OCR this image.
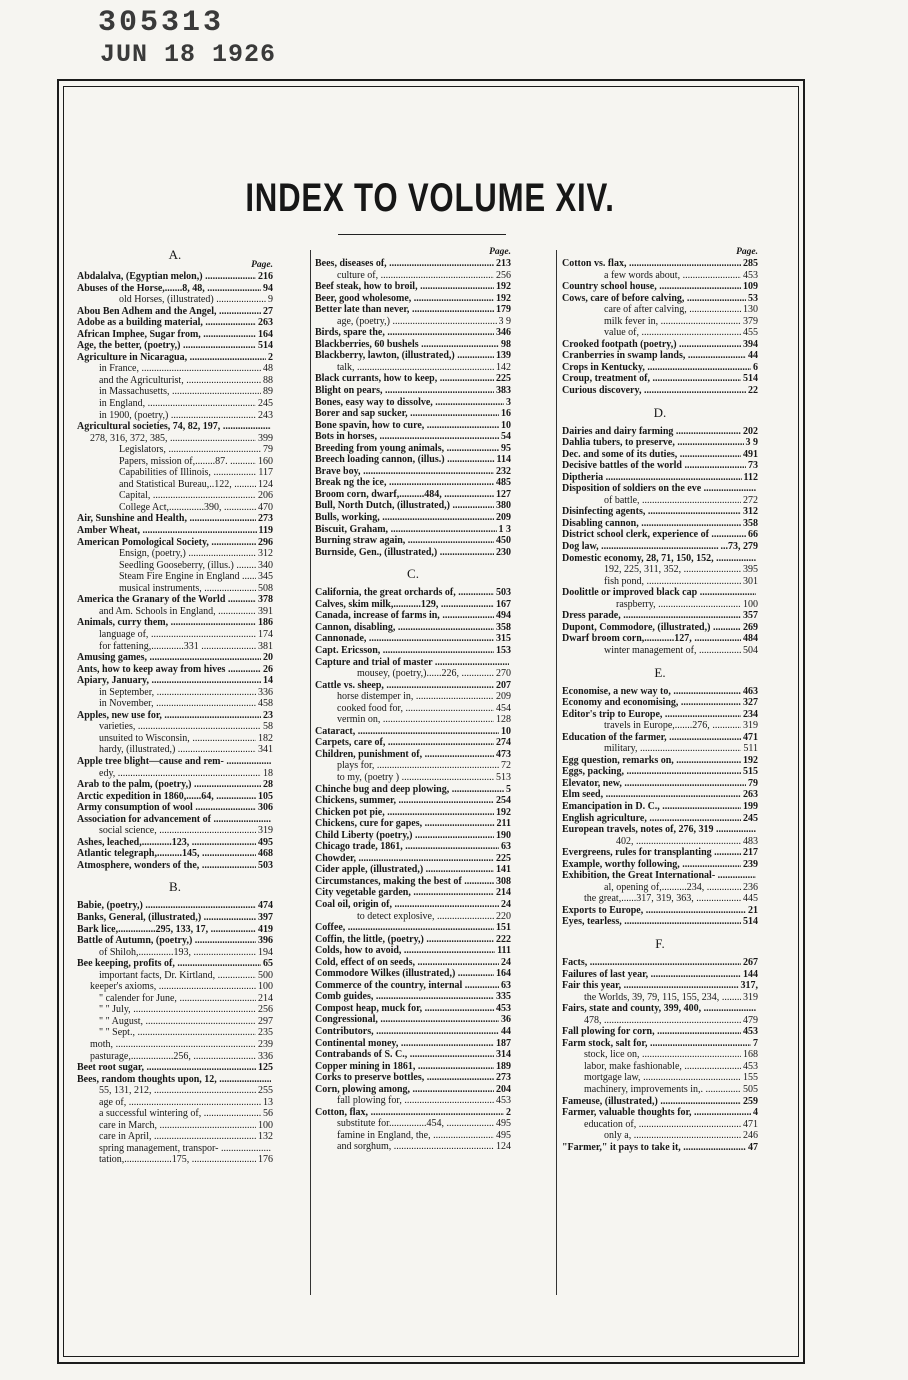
305313
JUN 18 1926
INDEX TO VOLUME XIV.
A.
Page.
Abdalalva, (Egyptian melon,) .....	216
Abuses of the Horse,.......8, 48, .....	94
old Horses, (illustrated) .....	9
Abou Ben Adhem and the Angel, .....	27
Adobe as a building material, .....	263
African Imphee, Sugar from, .....	164
Age, the better, (poetry,) .....	514
Agriculture in Nicaragua, .....	2
in France, .....	48
and the Agriculturist, .....	88
in Massachusetts, .....	89
in England, .....	245
in 1900, (poetry,) .....	243
Agricultural societies, 74, 82, 197, .....
278, 316, 372, 385, .....	399
Legislators, .....	79
Papers, mission of,........87. .....	160
Capabilities of Illinois, .....	117
and Statistical Bureau,..122, .....	124
Capital, .....	206
College Act,..............390, .....	470
Air, Sunshine and Health, .....	273
Amber Wheat, .....	119
American Pomological Society, .....	296
Ensign, (poetry,) .....	312
Seedling Gooseberry, (illus.) .....	340
Steam Fire Engine in England .....	345
musical instruments, .....	508
America the Granary of the World .....	378
and Am. Schools in England, .....	391
Animals, curry them, .....	186
language of, .....	174
for fattening,.............331 .....	381
Amusing games, .....	20
Ants, how to keep away from hives .....	26
Apiary, January, .....	14
in September, .....	336
in November, .....	458
Apples, new use for, .....	23
varieties, .....	58
unsuited to Wisconsin, .....	182
hardy, (illustrated,) .....	341
Apple tree blight—cause and rem- .....
edy, .....	18
Arab to the palm, (poetry,) .....	28
Arctic expedition in 1860,......64, .....	105
Army consumption of wool .....	306
Association for advancement of .....
social science, .....	319
Ashes, leached,............123, .....	495
Atlantic telegraph,..........145, .....	468
Atmosphere, wonders of the, .....	503
B.
Babie, (poetry,) .....	474
Banks, General, (illustrated,) .....	397
Bark lice,...............295, 133, 17, .....	419
Battle of Autumn, (poetry,) .....	396
of Shiloh,..............193, .....	194
Bee keeping, profits of, .....	65
important facts, Dr. Kirtland, .....	500
keeper's axioms, .....	100
" calender for June, .....	214
" " July, .....	256
" " August, .....	297
" " Sept., .....	235
moth, .....	239
pasturage,.................256, .....	336
Beet root sugar, .....	125
Bees, random thoughts upon, 12, .....
55, 131, 212, .....	255
age of, .....	13
a successful wintering of, .....	56
care in March, .....	100
care in April, .....	132
spring management, transpor- .....
tation,...................175, .....	176
Page.
Bees, diseases of, .....	213
culture of, .....	256
Beef steak, how to broil, .....	192
Beer, good wholesome, .....	192
Better late than never, .....	179
age, (poetry,) .....	3 9
Birds, spare the, .....	346
Blackberries, 60 bushels .....	98
Blackberry, lawton, (illustrated,) .....	139
talk, .....	142
Black currants, how to keep, .....	225
Blight on pears, .....	383
Bones, easy way to dissolve, .....	3
Borer and sap sucker, .....	16
Bone spavin, how to cure, .....	10
Bots in horses, .....	54
Breeding from young animals, .....	95
Breech loading cannon, (illus.) .....	114
Brave boy, .....	232
Break ng the ice, .....	485
Broom corn, dwarf,..........484, .....	127
Bull, North Dutch, (illustrated,) .....	380
Bulls, working, .....	209
Biscuit, Graham, .....	1 3
Burning straw again, .....	450
Burnside, Gen., (illustrated,) .....	230
C.
California, the great orchards of, .....	503
Calves, skim milk,...........129, .....	167
Canada, increase of farms in, .....	494
Cannon, disabling, .....	358
Cannonade, .....	315
Capt. Ericsson, .....	153
Capture and trial of master .....
mousey, (poetry,)......226, .....	270
Cattle vs. sheep, .....	207
horse distemper in, .....	209
cooked food for, .....	454
vermin on, .....	128
Cataract, .....	10
Carpets, care of, .....	274
Children, punishment of, .....	473
plays for, .....	72
to my, (poetry ) .....	513
Chinche bug and deep plowing, .....	5
Chickens, summer, .....	254
Chicken pot pie, .....	192
Chickens, cure for gapes, .....	211
Child Liberty (poetry,) .....	190
Chicago trade, 1861, .....	63
Chowder, .....	225
Cider apple, (illustrated,) .....	141
Circumstances, making the best of .....	308
City vegetable garden, .....	214
Coal oil, origin of, .....	24
to detect explosive, .....	220
Coffee, .....	151
Coffin, the little, (poetry,) .....	222
Colds, how to avoid, .....	111
Cold, effect of on seeds, .....	24
Commodore Wilkes (illustrated,) .....	164
Commerce of the country, internal .....	63
Comb guides, .....	335
Compost heap, muck for, .....	453
Congressional, .....	36
Contributors, .....	44
Continental money, .....	187
Contrabands of S. C., .....	314
Copper mining in 1861, .....	189
Corks to preserve bottles, .....	273
Corn, plowing among, .....	204
fall plowing for, .....	453
Cotton, flax, .....	2
substitute for...............454, .....	495
famine in England, the, .....	495
and sorghum, .....	124
Page.
Cotton vs. flax, .....	285
a few words about, .....	453
Country school house, .....	109
Cows, care of before calving, .....	53
care of after calving, .....	130
milk fever in, .....	379
value of, .....	455
Crooked footpath (poetry,) .....	394
Cranberries in swamp lands, .....	44
Crops in Kentucky, .....	6
Croup, treatment of, .....	514
Curious discovery, .....	22
D.
Dairies and dairy farming .....	202
Dahlia tubers, to preserve, .....	3 9
Dec. and some of its duties, .....	491
Decisive battles of the world .....	73
Diptheria .....	112
Disposition of soldiers on the eve .....
of battle, .....	272
Disinfecting agents, .....	312
Disabling cannon, .....	358
District school clerk, experience of .....	66
Dog law, .....	...73, 279
Domestic economy, 28, 71, 150, 152, .....
192, 225, 311, 352, .....	395
fish pond, .....	301
Doolittle or improved black cap .....
raspberry, .....	100
Dress parade, .....	357
Dupont, Commodore, (illustrated,) .....	269
Dwarf broom corn,............127, .....	484
winter management of, .....	504
E.
Economise, a new way to, .....	463
Economy and economising, .....	327
Editor's trip to Europe, .....	234
travels in Europe,.......276, .....	319
Education of the farmer, .....	471
military, .....	511
Egg question, remarks on, .....	192
Eggs, packing, .....	515
Elevator, new, .....	79
Elm seed, .....	263
Emancipation in D. C., .....	199
English agriculture, .....	245
European travels, notes of, 276, 319 .....
402, .....	483
Evergreens, rules for transplanting .....	217
Example, worthy following, .....	239
Exhibition, the Great International- .....
al, opening of,..........234, .....	236
the great,......317, 319, 363, .....	445
Exports to Europe, .....	21
Eyes, tearless, .....	514
F.
Facts, .....	267
Failures of last year, .....	144
Fair this year, .....	317,
the Worlds, 39, 79, 115, 155, 234, .....	319
Fairs, state and county, 399, 400, .....
478, .....	479
Fall plowing for corn, .....	453
Farm stock, salt for, .....	7
stock, lice on, .....	168
labor, make fashionable, .....	453
mortgage law, .....	155
machinery, improvements in,. .....	505
Fameuse, (illustrated,) .....	259
Farmer, valuable thoughts for, .....	4
education of, .....	471
only a, .....	246
"Farmer," it pays to take it, .....	47
